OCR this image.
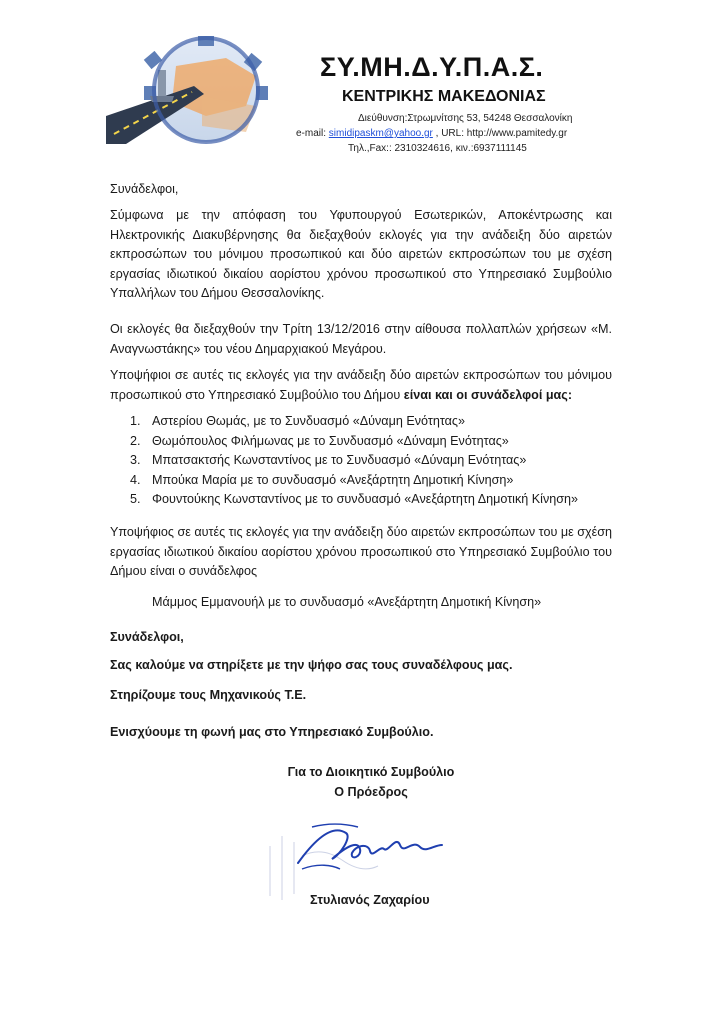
ΣΥ.ΜΗ.Δ.Υ.Π.Α.Σ.
ΚΕΝΤΡΙΚΗΣ ΜΑΚΕΔΟΝΙΑΣ
Διεύθυνση:Στρωμνίτσης 53, 54248 Θεσσαλονίκη
e-mail: simidipaskm@yahoo.gr , URL: http://www.pamitedy.gr
Τηλ.,Fax:: 2310324616, κιν.:6937111145
Συνάδελφοι,
Σύμφωνα με την απόφαση του Υφυπουργού Εσωτερικών, Αποκέντρωσης και Ηλεκτρονικής Διακυβέρνησης θα διεξαχθούν εκλογές για την ανάδειξη δύο αιρετών εκπροσώπων του μόνιμου προσωπικού και δύο αιρετών εκπροσώπων του με σχέση εργασίας ιδιωτικού δικαίου αορίστου χρόνου προσωπικού στο Υπηρεσιακό Συμβούλιο Υπαλλήλων του Δήμου Θεσσαλονίκης.
Οι εκλογές θα διεξαχθούν την Τρίτη 13/12/2016 στην αίθουσα πολλαπλών χρήσεων «Μ. Αναγνωστάκης» του νέου Δημαρχιακού Μεγάρου.
Υποψήφιοι σε αυτές τις εκλογές για την ανάδειξη δύο αιρετών εκπροσώπων του μόνιμου προσωπικού στο Υπηρεσιακό Συμβούλιο του Δήμου είναι και οι συνάδελφοί μας:
1. Αστερίου Θωμάς, με το Συνδυασμό «Δύναμη Ενότητας»
2. Θωμόπουλος Φιλήμωνας με το Συνδυασμό «Δύναμη Ενότητας»
3. Μπατσακτσής Κωνσταντίνος με το Συνδυασμό «Δύναμη Ενότητας»
4. Μπούκα Μαρία με το συνδυασμό «Ανεξάρτητη Δημοτική Κίνηση»
5. Φουντούκης Κωνσταντίνος με το συνδυασμό «Ανεξάρτητη Δημοτική Κίνηση»
Υποψήφιος σε αυτές τις εκλογές για την ανάδειξη δύο αιρετών εκπροσώπων του με σχέση εργασίας ιδιωτικού δικαίου αορίστου χρόνου προσωπικού στο Υπηρεσιακό Συμβούλιο του Δήμου είναι ο συνάδελφος
Μάμμος Εμμανουήλ με το συνδυασμό «Ανεξάρτητη Δημοτική Κίνηση»
Συνάδελφοι,
Σας καλούμε να στηρίξετε με την ψήφο σας τους συναδέλφους μας.
Στηρίζουμε τους Μηχανικούς Τ.Ε.
Ενισχύουμε τη φωνή μας στο Υπηρεσιακό Συμβούλιο.
Για το Διοικητικό Συμβούλιο
Ο Πρόεδρος
Στυλιανός Ζαχαρίου
